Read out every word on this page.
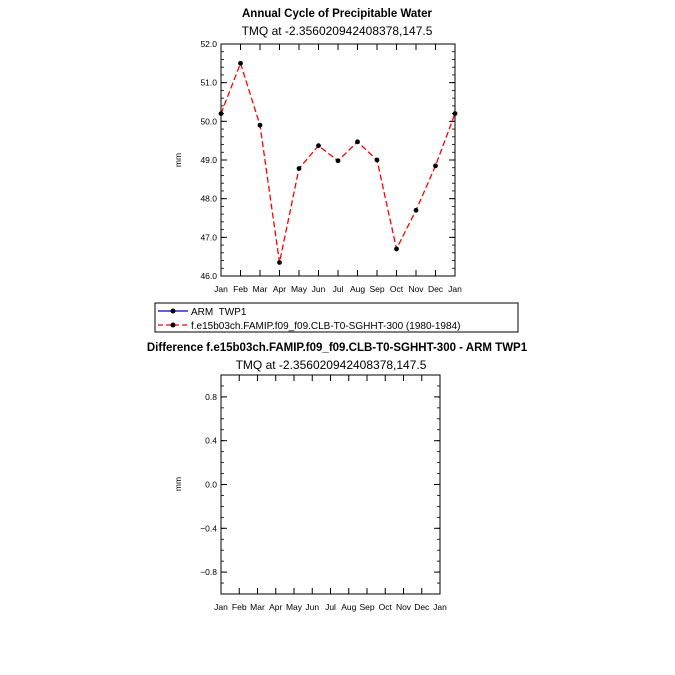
Annual Cycle of Precipitable Water
TMQ at -2.356020942408378,147.5
46.0
47.0
48.0
49.0
50.0
51.0
52.0
Jan Feb Mar Apr May Jun Jul Aug Sep Oct Nov Dec Jan
mm
ARM  TWP1
f.e15b03ch.FAMIP.f09_f09.CLB-T0-SGHHT-300 (1980-1984)
Difference f.e15b03ch.FAMIP.f09_f09.CLB-T0-SGHHT-300 - ARM TWP1
TMQ at -2.356020942408378,147.5
−0.8
−0.4
0.0
0.4
0.8
Jan Feb Mar Apr May Jun Jul Aug Sep Oct Nov Dec Jan
mm
